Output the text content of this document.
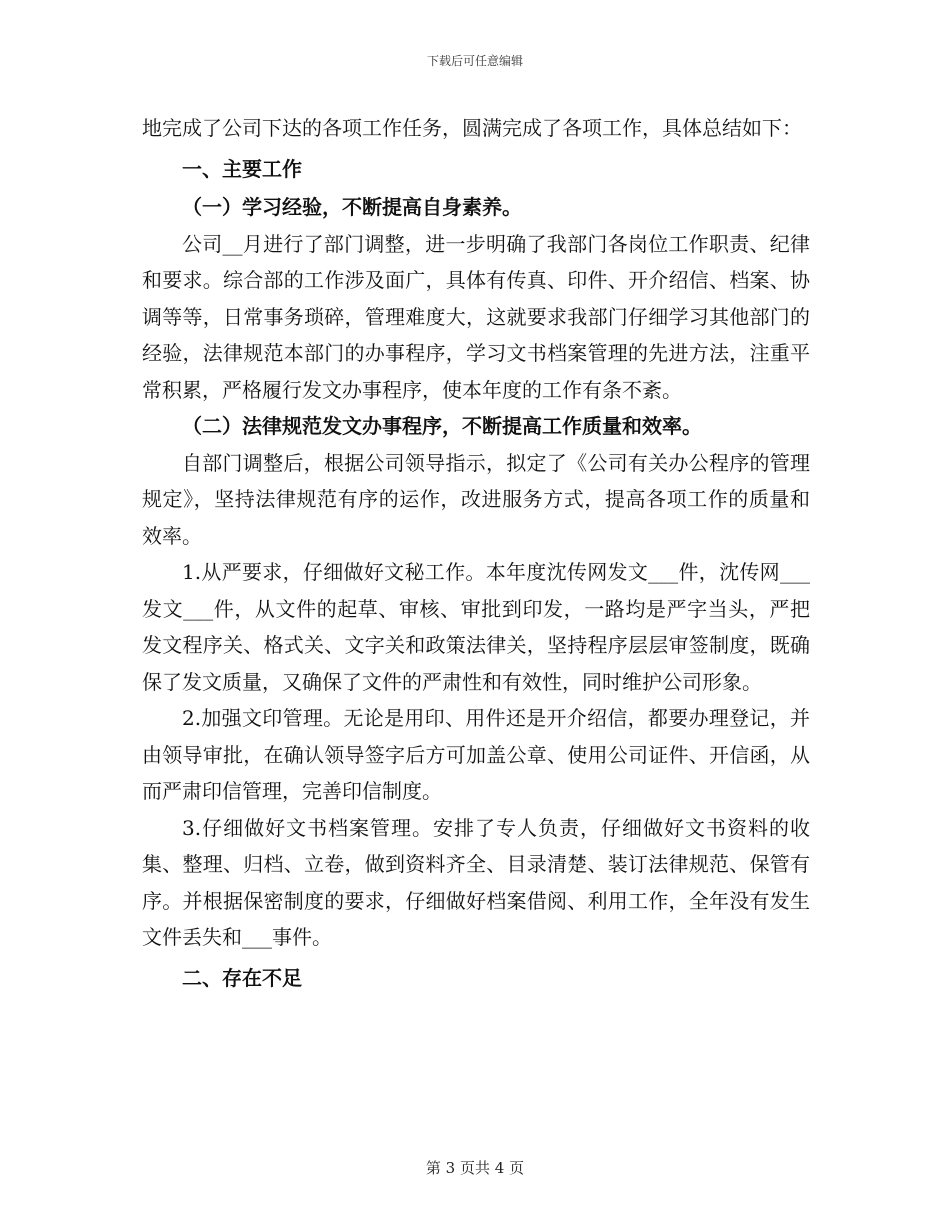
下载后可任意编辑

地完成了公司下达的各项工作任务，圆满完成了各项工作，具体总结如下：

一、主要工作

（一）学习经验，不断提高自身素养。

公司__月进行了部门调整，进一步明确了我部门各岗位工作职责、纪律和要求。综合部的工作涉及面广，具体有传真、印件、开介绍信、档案、协调等等，日常事务琐碎，管理难度大，这就要求我部门仔细学习其他部门的经验，法律规范本部门的办事程序，学习文书档案管理的先进方法，注重平常积累，严格履行发文办事程序，使本年度的工作有条不紊。

（二）法律规范发文办事程序，不断提高工作质量和效率。

自部门调整后，根据公司领导指示，拟定了《公司有关办公程序的管理规定》，坚持法律规范有序的运作，改进服务方式，提高各项工作的质量和效率。

1.从严要求，仔细做好文秘工作。本年度沈传网发文___件，沈传网___发文___件，从文件的起草、审核、审批到印发，一路均是严字当头，严把发文程序关、格式关、文字关和政策法律关，坚持程序层层审签制度，既确保了发文质量，又确保了文件的严肃性和有效性，同时维护公司形象。

2.加强文印管理。无论是用印、用件还是开介绍信，都要办理登记，并由领导审批，在确认领导签字后方可加盖公章、使用公司证件、开信函，从而严肃印信管理，完善印信制度。

3.仔细做好文书档案管理。安排了专人负责，仔细做好文书资料的收集、整理、归档、立卷，做到资料齐全、目录清楚、装订法律规范、保管有序。并根据保密制度的要求，仔细做好档案借阅、利用工作，全年没有发生文件丢失和___事件。

二、存在不足

第 3 页共 4 页
